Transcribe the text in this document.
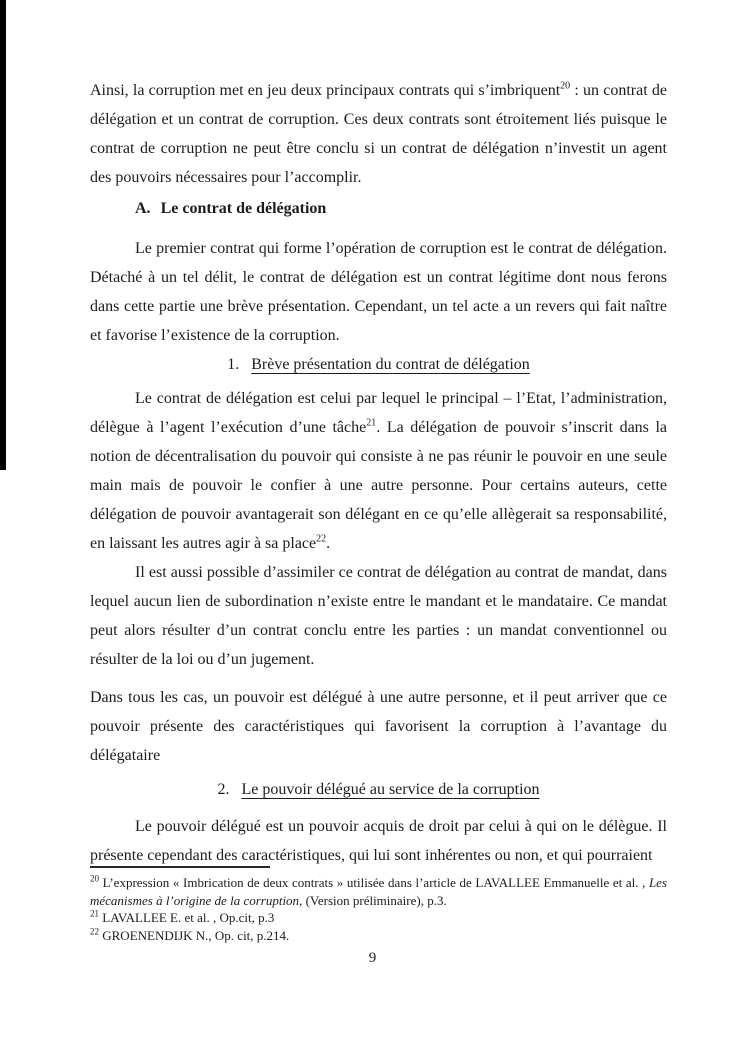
Ainsi, la corruption met en jeu deux principaux contrats qui s’imbriquent$^{20}$ : un contrat de délégation et un contrat de corruption. Ces deux contrats sont étroitement liés puisque le contrat de corruption ne peut être conclu si un contrat de délégation n’investit un agent des pouvoirs nécessaires pour l’accomplir.

A. Le contrat de délégation

Le premier contrat qui forme l’opération de corruption est le contrat de délégation. Détaché à un tel délit, le contrat de délégation est un contrat légitime dont nous ferons dans cette partie une brève présentation. Cependant, un tel acte a un revers qui fait naître et favorise l’existence de la corruption.

1. Brève présentation du contrat de délégation

Le contrat de délégation est celui par lequel le principal – l’Etat, l’administration, délègue à l’agent l’exécution d’une tâche$^{21}$. La délégation de pouvoir s’inscrit dans la notion de décentralisation du pouvoir qui consiste à ne pas réunir le pouvoir en une seule main mais de pouvoir le confier à une autre personne. Pour certains auteurs, cette délégation de pouvoir avantagerait son délégant en ce qu’elle allègerait sa responsabilité, en laissant les autres agir à sa place$^{22}$.

Il est aussi possible d’assimiler ce contrat de délégation au contrat de mandat, dans lequel aucun lien de subordination n’existe entre le mandant et le mandataire. Ce mandat peut alors résulter d’un contrat conclu entre les parties : un mandat conventionnel ou résulter de la loi ou d’un jugement.

Dans tous les cas, un pouvoir est délégué à une autre personne, et il peut arriver que ce pouvoir présente des caractéristiques qui favorisent la corruption à l’avantage du délégataire

2. Le pouvoir délégué au service de la corruption

Le pouvoir délégué est un pouvoir acquis de droit par celui à qui on le délègue. Il présente cependant des caractéristiques, qui lui sont inhérentes ou non, et qui pourraient

$^{20}$ L’expression « Imbrication de deux contrats » utilisée dans l’article de LAVALLEE Emmanuelle et al. , Les mécanismes à l’origine de la corruption, (Version préliminaire), p.3.

$^{21}$ LAVALLEE E. et al. , Op.cit, p.3

$^{22}$ GROENENDIJK N., Op. cit, p.214.

9
